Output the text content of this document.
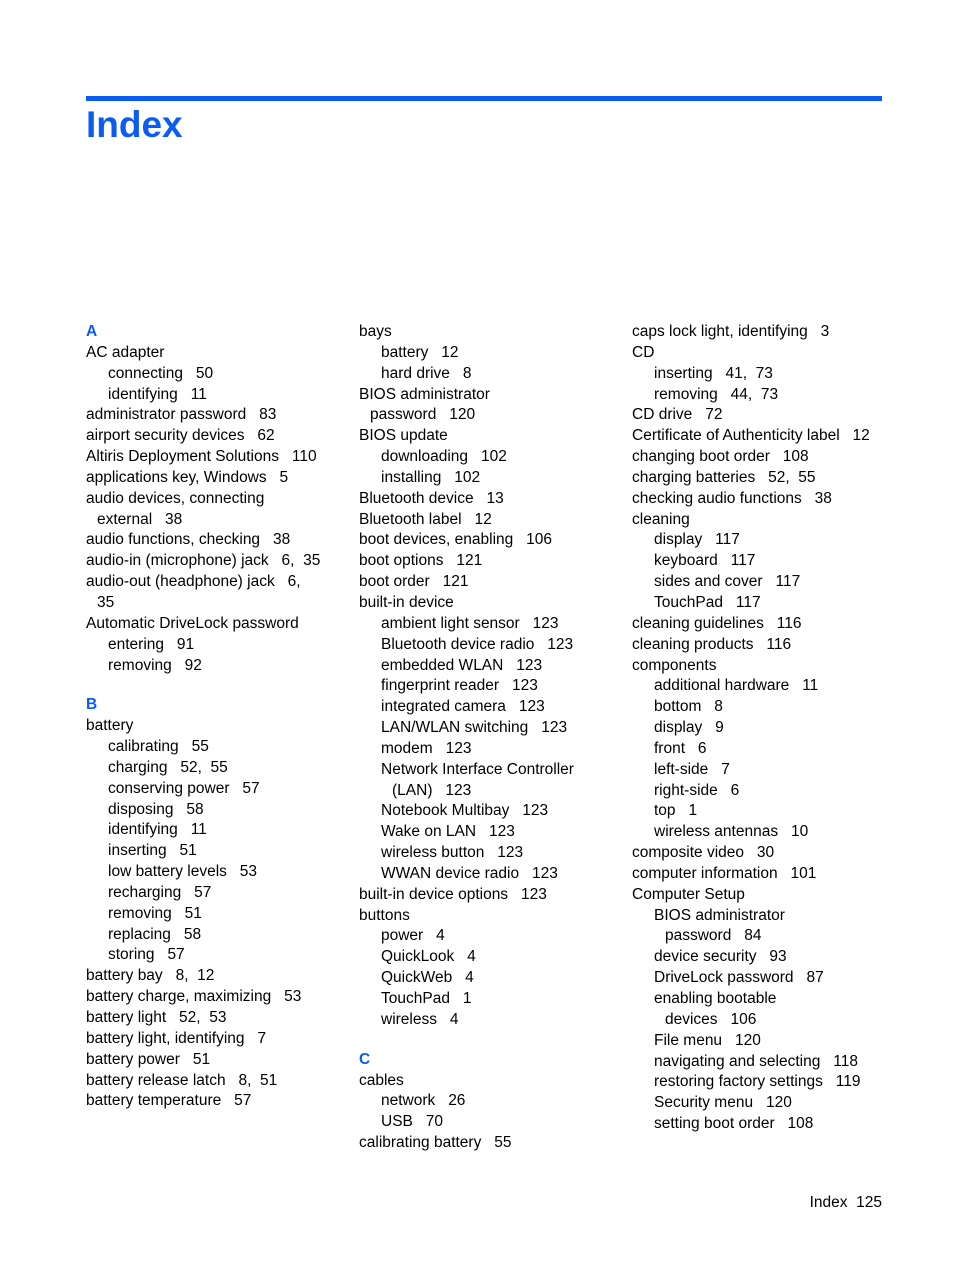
Index
A
AC adapter
connecting   50
identifying   11
administrator password   83
airport security devices   62
Altiris Deployment Solutions   110
applications key, Windows   5
audio devices, connecting
external   38
audio functions, checking   38
audio-in (microphone) jack   6,  35
audio-out (headphone) jack   6,
35
Automatic DriveLock password
entering   91
removing   92
B
battery
calibrating   55
charging   52,  55
conserving power   57
disposing   58
identifying   11
inserting   51
low battery levels   53
recharging   57
removing   51
replacing   58
storing   57
battery bay   8,  12
battery charge, maximizing   53
battery light   52,  53
battery light, identifying   7
battery power   51
battery release latch   8,  51
battery temperature   57
bays
battery   12
hard drive   8
BIOS administrator
password   120
BIOS update
downloading   102
installing   102
Bluetooth device   13
Bluetooth label   12
boot devices, enabling   106
boot options   121
boot order   121
built-in device
ambient light sensor   123
Bluetooth device radio   123
embedded WLAN   123
fingerprint reader   123
integrated camera   123
LAN/WLAN switching   123
modem   123
Network Interface Controller
(LAN)   123
Notebook Multibay   123
Wake on LAN   123
wireless button   123
WWAN device radio   123
built-in device options   123
buttons
power   4
QuickLook   4
QuickWeb   4
TouchPad   1
wireless   4
C
cables
network   26
USB   70
calibrating battery   55
caps lock light, identifying   3
CD
inserting   41,  73
removing   44,  73
CD drive   72
Certificate of Authenticity label   12
changing boot order   108
charging batteries   52,  55
checking audio functions   38
cleaning
display   117
keyboard   117
sides and cover   117
TouchPad   117
cleaning guidelines   116
cleaning products   116
components
additional hardware   11
bottom   8
display   9
front   6
left-side   7
right-side   6
top   1
wireless antennas   10
composite video   30
computer information   101
Computer Setup
BIOS administrator
password   84
device security   93
DriveLock password   87
enabling bootable
devices   106
File menu   120
navigating and selecting   118
restoring factory settings   119
Security menu   120
setting boot order   108
Index 125
